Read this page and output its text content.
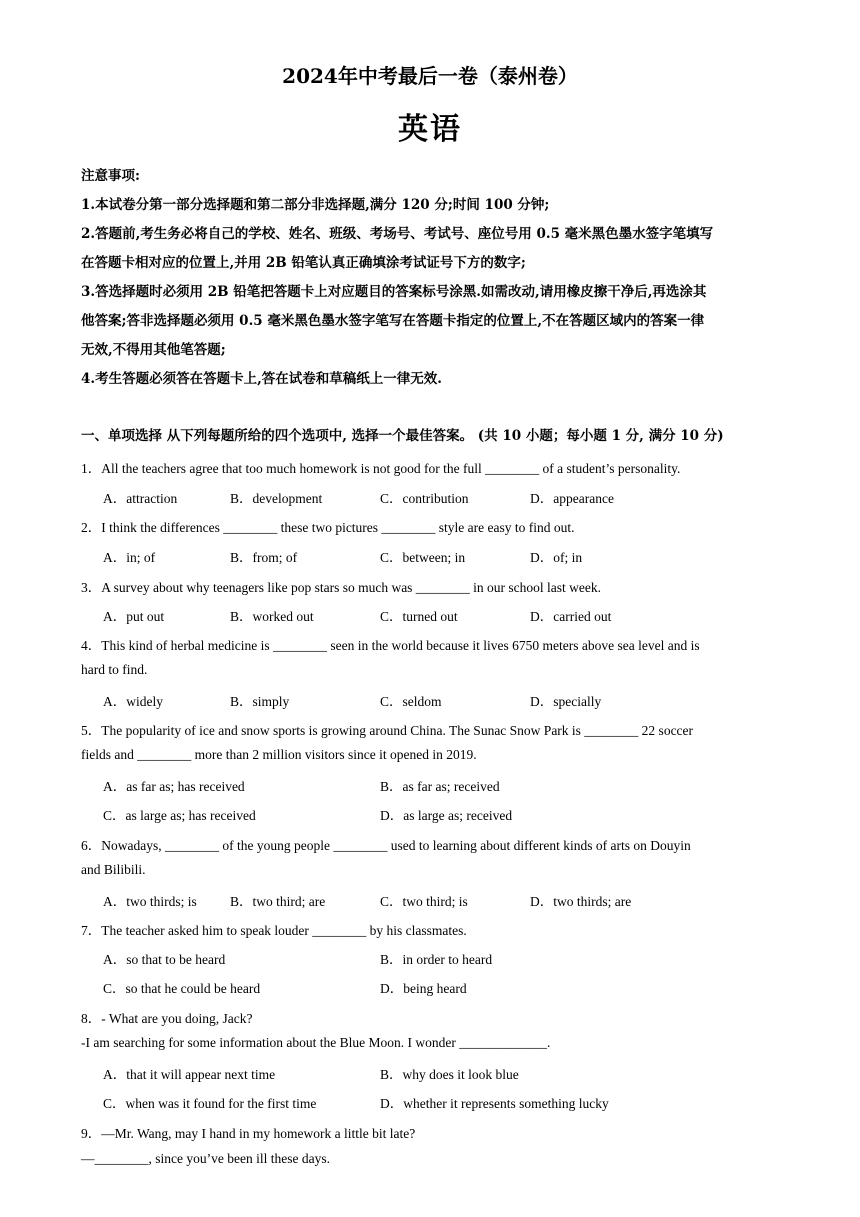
2024年中考最后一卷（泰州卷）
英语
注意事项:
1.本试卷分第一部分选择题和第二部分非选择题,满分 120 分;时间 100 分钟;
2.答题前,考生务必将自己的学校、姓名、班级、考场号、考试号、座位号用 0.5 毫米黑色墨水签字笔填写
在答题卡相对应的位置上,并用 2B 铅笔认真正确填涂考试证号下方的数字;
3.答选择题时必须用 2B 铅笔把答题卡上对应题目的答案标号涂黑.如需改动,请用橡皮擦干净后,再选涂其
他答案;答非选择题必须用 0.5 毫米黑色墨水签字笔写在答题卡指定的位置上,不在答题区域内的答案一律
无效,不得用其他笔答题;
4.考生答题必须答在答题卡上,答在试卷和草稿纸上一律无效.
一、单项选择 从下列每题所给的四个选项中, 选择一个最佳答案。 (共 10 小题；每小题 1 分, 满分 10 分)
1．All the teachers agree that too much homework is not good for the full ________ of a student’s personality.
A．attraction	B．development	C．contribution	D．appearance
2．I think the differences ________ these two pictures ________ style are easy to find out.
A．in; of	B．from; of	C．between; in	D．of; in
3．A survey about why teenagers like pop stars so much was ________ in our school last week.
A．put out	B．worked out	C．turned out	D．carried out
4．This kind of herbal medicine is ________ seen in the world because it lives 6750 meters above sea level and is
hard to find.
A．widely	B．simply	C．seldom	D．specially
5．The popularity of ice and snow sports is growing around China. The Sunac Snow Park is ________ 22 soccer
fields and ________ more than 2 million visitors since it opened in 2019.
A．as far as; has received	B．as far as; received
C．as large as; has received	D．as large as; received
6．Nowadays, ________ of the young people ________ used to learning about different kinds of arts on Douyin
and Bilibili.
A．two thirds; is B．two third; are	C．two third; is	D．two thirds; are
7．The teacher asked him to speak louder ________ by his classmates.
A．so that to be heard	B．in order to heard
C．so that he could be heard	D．being heard
8．- What are you doing, Jack?
-I am searching for some information about the Blue Moon. I wonder _____________.
A．that it will appear next time	B．why does it look blue
C．when was it found for the first time	D．whether it represents something lucky
9．—Mr. Wang, may I hand in my homework a little bit late?
—________, since you’ve been ill these days.
